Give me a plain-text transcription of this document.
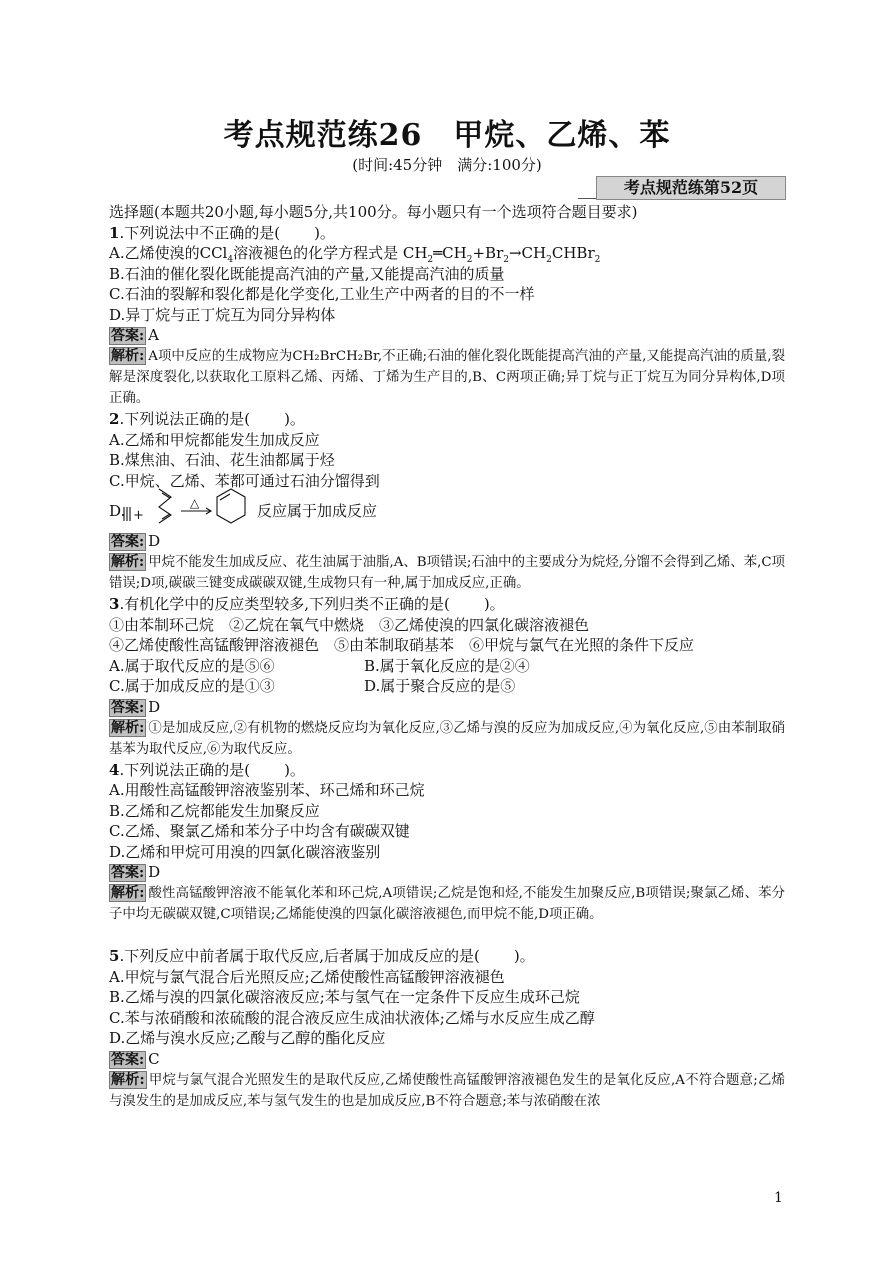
考点规范练26　甲烷、乙烯、苯
(时间:45分钟　满分:100分)
考点规范练第52页
选择题(本题共20小题,每小题5分,共100分。每小题只有一个选项符合题目要求)
1.下列说法中不正确的是( )。
A.乙烯使溴的CCl$_4$溶液褪色的化学方程式是 $CH_2═CH_2+Br_2\to CH_2CHBr_2$
B.石油的催化裂化既能提高汽油的产量,又能提高汽油的质量
C.石油的裂解和裂化都是化学变化,工业生产中两者的目的不一样
D.异丁烷与正丁烷互为同分异构体
答案: A
解析: A项中反应的生成物应为CH₂BrCH₂Br,不正确;石油的催化裂化既能提高汽油的产量,又能提高汽油的质量,裂解是深度裂化,以获取化工原料乙烯、丙烯、丁烯为生产目的,B、C两项正确;异丁烷与正丁烷互为同分异构体,D项正确。
2.下列说法正确的是( )。
A.乙烯和甲烷都能发生加成反应
B.煤焦油、石油、花生油都属于烃
C.甲烷、乙烯、苯都可通过石油分馏得到
D. +
△	反应属于加成反应
答案: D
解析: 甲烷不能发生加成反应、花生油属于油脂,A、B项错误;石油中的主要成分为烷烃,分馏不会得到乙烯、苯,C项错误;D项,碳碳三键变成碳碳双键,生成物只有一种,属于加成反应,正确。
3.有机化学中的反应类型较多,下列归类不正确的是( )。
①由苯制环己烷　②乙烷在氧气中燃烧　③乙烯使溴的四氯化碳溶液褪色
④乙烯使酸性高锰酸钾溶液褪色　⑤由苯制取硝基苯　⑥甲烷与氯气在光照的条件下反应
A.属于取代反应的是⑤⑥	B.属于氧化反应的是②④
C.属于加成反应的是①③	D.属于聚合反应的是⑤
答案: D
解析: ①是加成反应,②有机物的燃烧反应均为氧化反应,③乙烯与溴的反应为加成反应,④为氧化反应,⑤由苯制取硝基苯为取代反应,⑥为取代反应。
4.下列说法正确的是( )。
A.用酸性高锰酸钾溶液鉴别苯、环己烯和环己烷
B.乙烯和乙烷都能发生加聚反应
C.乙烯、聚氯乙烯和苯分子中均含有碳碳双键
D.乙烯和甲烷可用溴的四氯化碳溶液鉴别
答案: D
解析: 酸性高锰酸钾溶液不能氧化苯和环己烷,A项错误;乙烷是饱和烃,不能发生加聚反应,B项错误;聚氯乙烯、苯分子中均无碳碳双键,C项错误;乙烯能使溴的四氯化碳溶液褪色,而甲烷不能,D项正确。
5.下列反应中前者属于取代反应,后者属于加成反应的是( )。
A.甲烷与氯气混合后光照反应;乙烯使酸性高锰酸钾溶液褪色
B.乙烯与溴的四氯化碳溶液反应;苯与氢气在一定条件下反应生成环己烷
C.苯与浓硝酸和浓硫酸的混合液反应生成油状液体;乙烯与水反应生成乙醇
D.乙烯与溴水反应;乙酸与乙醇的酯化反应
答案: C
解析: 甲烷与氯气混合光照发生的是取代反应,乙烯使酸性高锰酸钾溶液褪色发生的是氧化反应,A不符合题意;乙烯与溴发生的是加成反应,苯与氢气发生的也是加成反应,B不符合题意;苯与浓硝酸在浓
1
